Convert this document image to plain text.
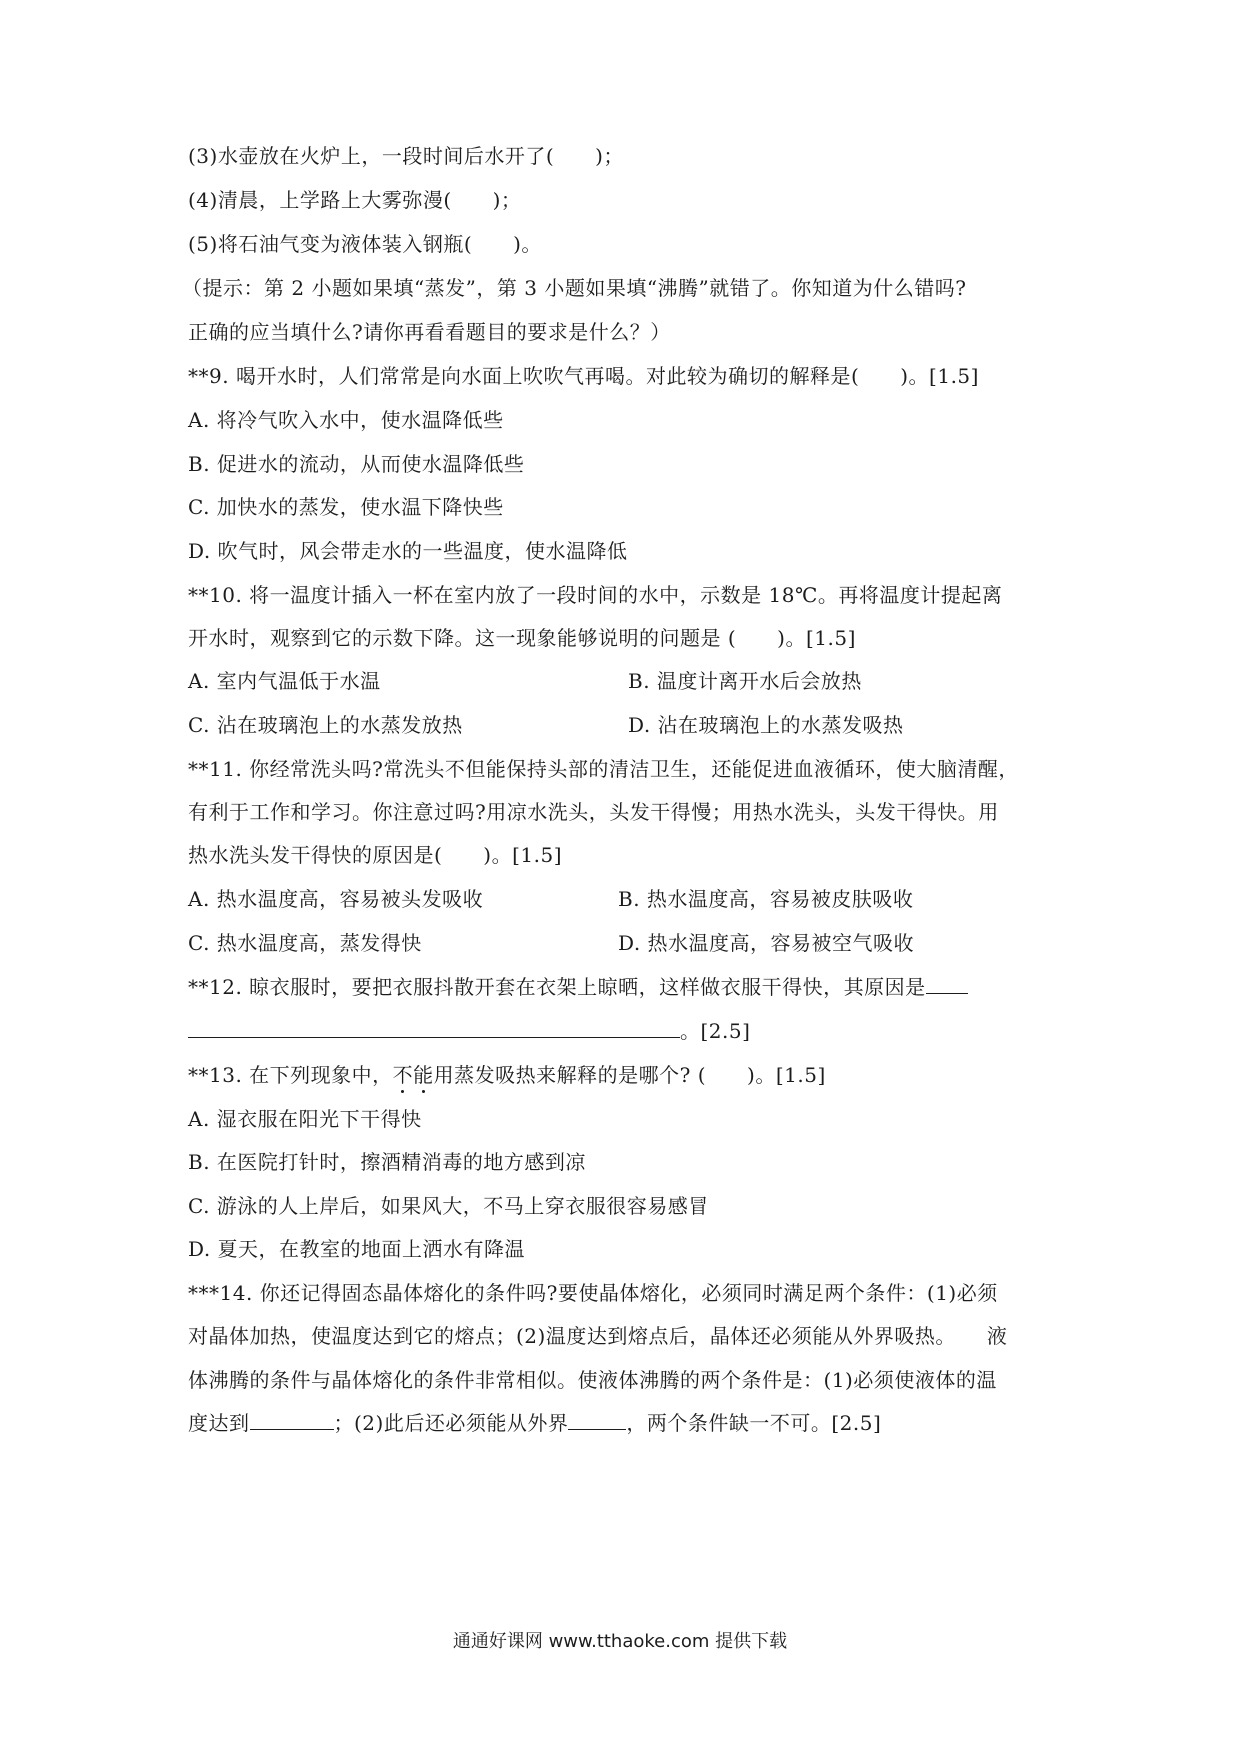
(3)水壶放在火炉上，一段时间后水开了(　　)；
(4)清晨，上学路上大雾弥漫(　　)；
(5)将石油气变为液体装入钢瓶(　　)。
（提示：第 2 小题如果填“蒸发”，第 3 小题如果填“沸腾”就错了。你知道为什么错吗?
正确的应当填什么?请你再看看题目的要求是什么？）
**9. 喝开水时，人们常常是向水面上吹吹气再喝。对此较为确切的解释是(　　)。[1.5]
A. 将冷气吹入水中，使水温降低些
B. 促进水的流动，从而使水温降低些
C. 加快水的蒸发，使水温下降快些
D. 吹气时，风会带走水的一些温度，使水温降低
**10. 将一温度计插入一杯在室内放了一段时间的水中，示数是 18℃。再将温度计提起离
开水时，观察到它的示数下降。这一现象能够说明的问题是 (　　)。[1.5]
A. 室内气温低于水温	B. 温度计离开水后会放热
C. 沾在玻璃泡上的水蒸发放热	D. 沾在玻璃泡上的水蒸发吸热
**11. 你经常洗头吗?常洗头不但能保持头部的清洁卫生，还能促进血液循环，使大脑清醒，
有利于工作和学习。你注意过吗?用凉水洗头，头发干得慢；用热水洗头，头发干得快。用
热水洗头发干得快的原因是(　　)。[1.5]
A. 热水温度高，容易被头发吸收	B. 热水温度高，容易被皮肤吸收
C. 热水温度高，蒸发得快	D. 热水温度高，容易被空气吸收
**12. 晾衣服时，要把衣服抖散开套在衣架上晾晒，这样做衣服干得快，其原因是
。[2.5]
**13. 在下列现象中，不能用蒸发吸热来解释的是哪个? (　　)。[1.5]
A. 湿衣服在阳光下干得快
B. 在医院打针时，擦酒精消毒的地方感到凉
C. 游泳的人上岸后，如果风大，不马上穿衣服很容易感冒
D. 夏天，在教室的地面上洒水有降温
***14. 你还记得固态晶体熔化的条件吗?要使晶体熔化，必须同时满足两个条件：(1)必须
对晶体加热，使温度达到它的熔点；(2)温度达到熔点后，晶体还必须能从外界吸热。　　液
体沸腾的条件与晶体熔化的条件非常相似。使液体沸腾的两个条件是：(1)必须使液体的温
度达到	；(2)此后还必须能从外界	，两个条件缺一不可。[2.5]
通通好课网 www.tthaoke.com 提供下载
